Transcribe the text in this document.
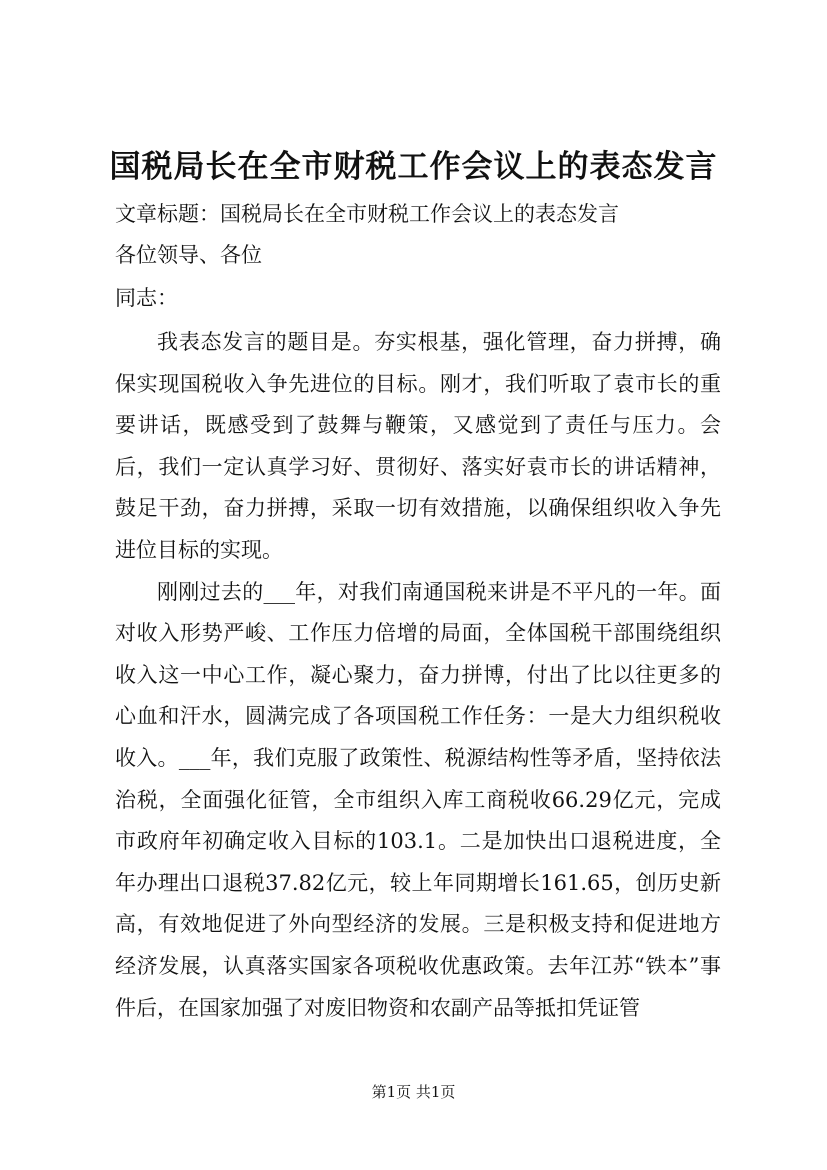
国税局长在全市财税工作会议上的表态发言

文章标题：国税局长在全市财税工作会议上的表态发言

各位领导、各位

同志：

我表态发言的题目是。夯实根基，强化管理，奋力拼搏，确保实现国税收入争先进位的目标。刚才，我们听取了袁市长的重要讲话，既感受到了鼓舞与鞭策，又感觉到了责任与压力。会后，我们一定认真学习好、贯彻好、落实好袁市长的讲话精神，鼓足干劲，奋力拼搏，采取一切有效措施，以确保组织收入争先进位目标的实现。

刚刚过去的___年，对我们南通国税来讲是不平凡的一年。面对收入形势严峻、工作压力倍增的局面，全体国税干部围绕组织收入这一中心工作，凝心聚力，奋力拼博，付出了比以往更多的心血和汗水，圆满完成了各项国税工作任务：一是大力组织税收收入。___年，我们克服了政策性、税源结构性等矛盾，坚持依法治税，全面强化征管，全市组织入库工商税收66.29亿元，完成市政府年初确定收入目标的103.1。二是加快出口退税进度，全年办理出口退税37.82亿元，较上年同期增长161.65，创历史新高，有效地促进了外向型经济的发展。三是积极支持和促进地方经济发展，认真落实国家各项税收优惠政策。去年江苏“铁本”事件后，在国家加强了对废旧物资和农副产品等抵扣凭证管

第1页 共1页
